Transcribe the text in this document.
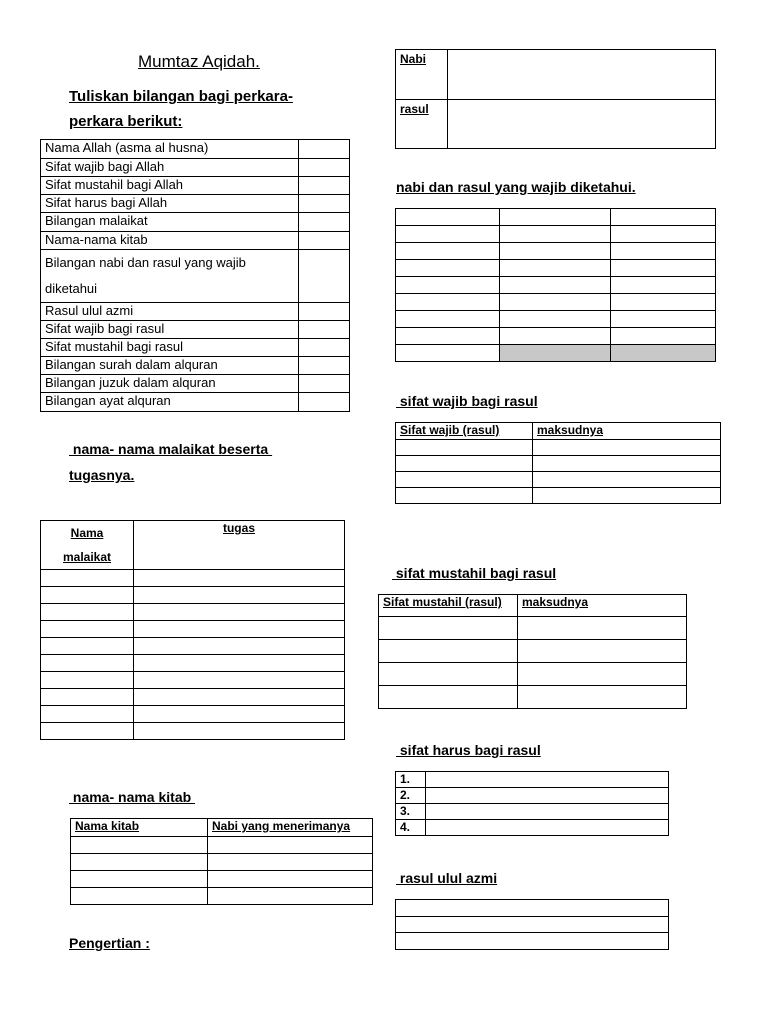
Mumtaz Aqidah.
Tuliskan bilangan bagi perkara-
perkara berikut:
Nama Allah (asma al husna)	
Sifat wajib bagi Allah	
Sifat mustahil bagi Allah	
Sifat harus bagi Allah	
Bilangan malaikat	
Nama-nama kitab	
Bilangan nabi dan rasul yang wajib
diketahui	
Rasul ulul azmi	
Sifat wajib bagi rasul	
Sifat mustahil bagi rasul	
Bilangan surah dalam alquran	
Bilangan juzuk dalam alquran	
Bilangan ayat alquran	
nama- nama malaikat beserta
tugasnya.
Nama
malaikat	tugas

nama- nama kitab
Nama kitab	Nabi yang menerimanya

Pengertian :
Nabi	
rasul	
nabi dan rasul yang wajib diketahui.

sifat wajib bagi rasul
Sifat wajib (rasul)	maksudnya

sifat mustahil bagi rasul
Sifat mustahil (rasul)	maksudnya

sifat harus bagi rasul
1.	
2.	
3.	
4.	
rasul ulul azmi
